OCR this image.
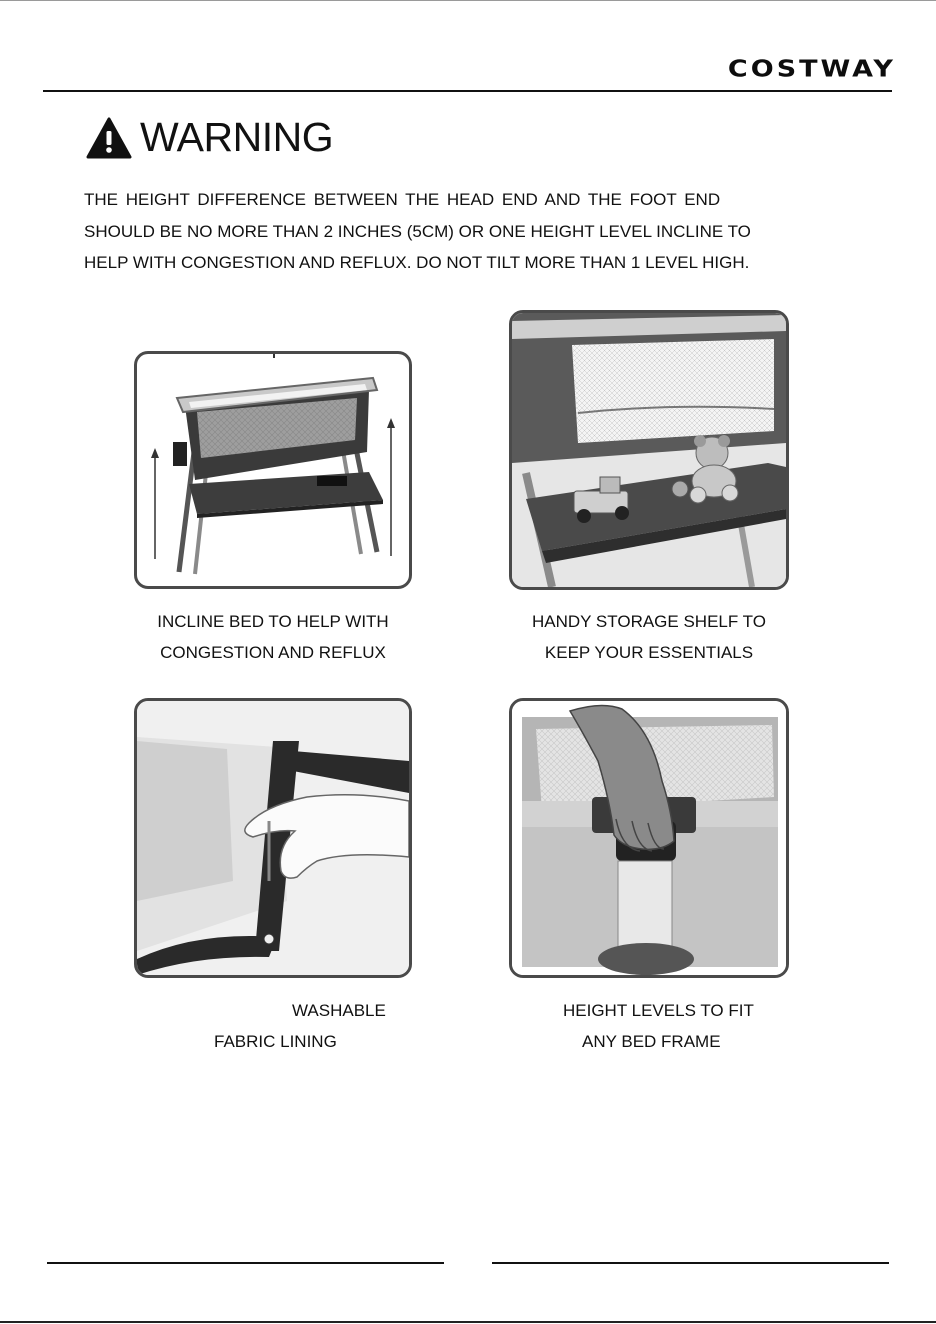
COSTWAY
WARNING
THE HEIGHT DIFFERENCE BETWEEN THE HEAD END AND THE FOOT END
SHOULD BE NO MORE THAN 2 INCHES (5CM) OR ONE HEIGHT LEVEL INCLINE TO
HELP WITH CONGESTION AND REFLUX. DO NOT TILT MORE THAN 1 LEVEL HIGH.
INCLINE BED TO HELP WITH
CONGESTION AND REFLUX
HANDY STORAGE SHELF TO
KEEP YOUR ESSENTIALS
WASHABLE
FABRIC LINING
HEIGHT LEVELS TO FIT
ANY BED FRAME
